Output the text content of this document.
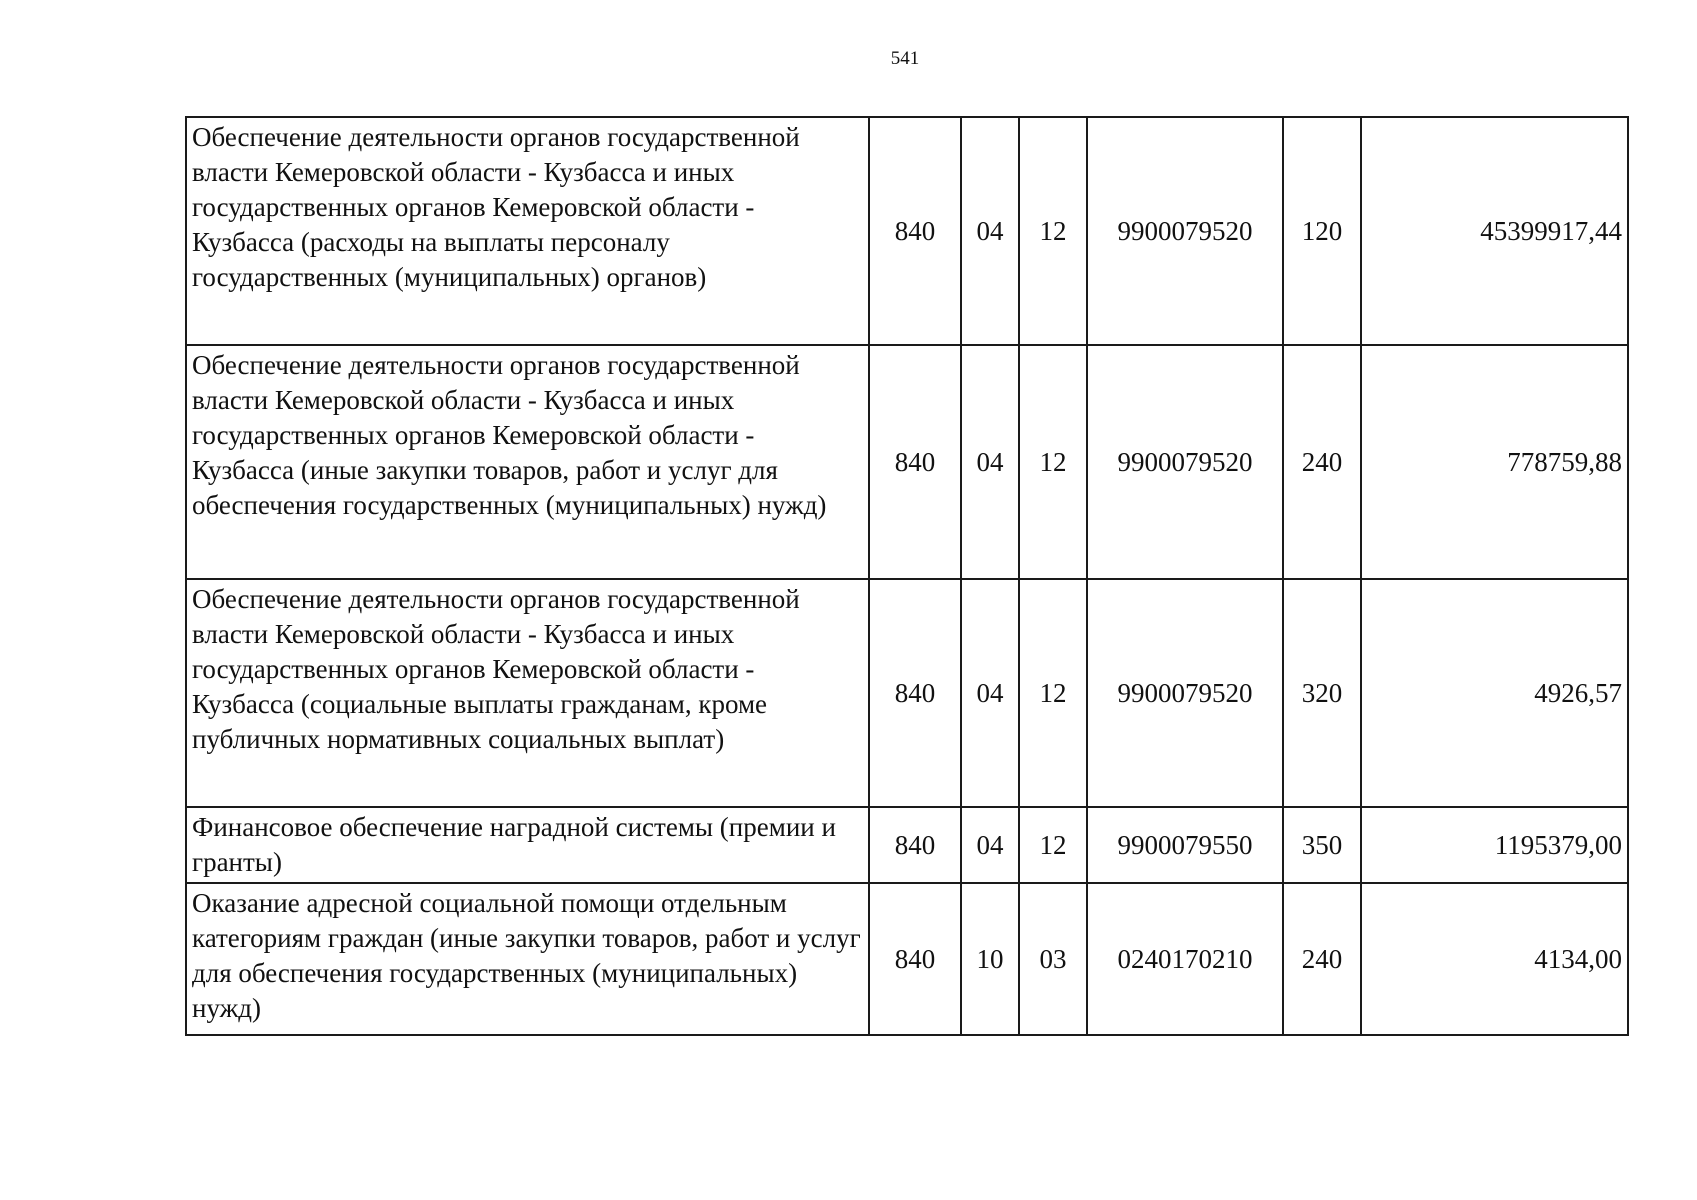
541
Обеспечение деятельности органов государственной власти Кемеровской области - Кузбасса и иных государственных органов Кемеровской области - Кузбасса (расходы на выплаты персоналу государственных (муниципальных) органов)	840	04	12	9900079520	120	45399917,44
Обеспечение деятельности органов государственной власти Кемеровской области - Кузбасса и иных государственных органов Кемеровской области - Кузбасса (иные закупки товаров, работ и услуг для обеспечения государственных (муниципальных) нужд)	840	04	12	9900079520	240	778759,88
Обеспечение деятельности органов государственной власти Кемеровской области - Кузбасса и иных государственных органов Кемеровской области - Кузбасса (социальные выплаты гражданам, кроме публичных нормативных социальных выплат)	840	04	12	9900079520	320	4926,57
Финансовое обеспечение наградной системы (премии и гранты)	840	04	12	9900079550	350	1195379,00
Оказание адресной социальной помощи отдельным категориям граждан (иные закупки товаров, работ и услуг для обеспечения государственных (муниципальных) нужд)	840	10	03	0240170210	240	4134,00
